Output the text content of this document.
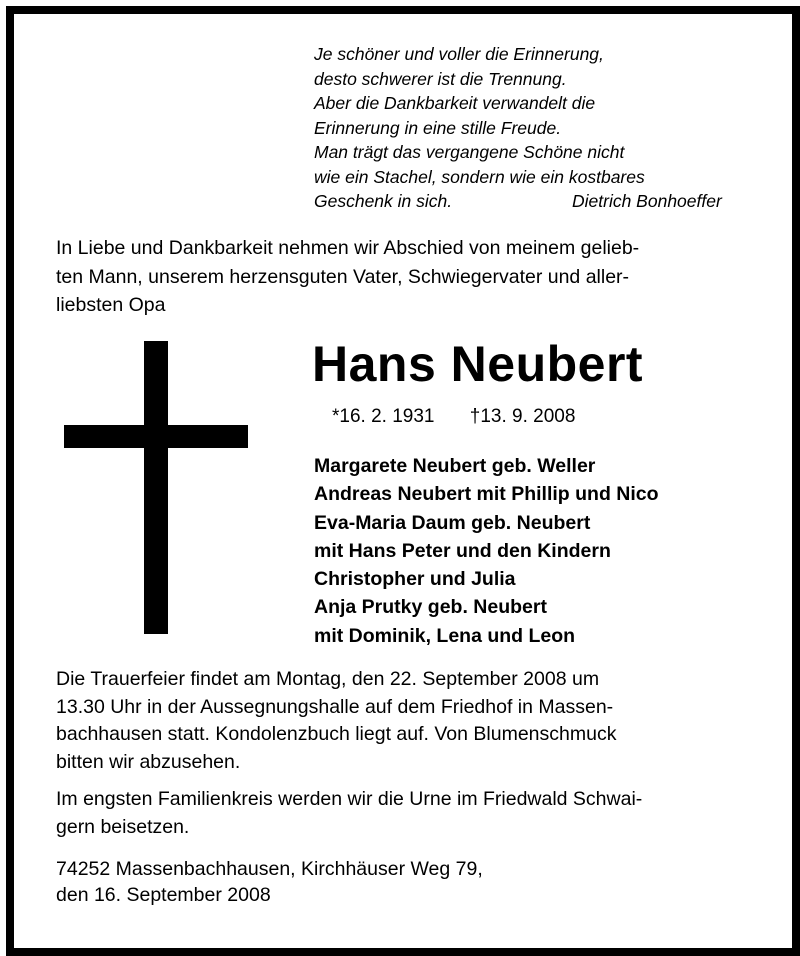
Je schöner und voller die Erinnerung,
desto schwerer ist die Trennung.
Aber die Dankbarkeit verwandelt die
Erinnerung in eine stille Freude.
Man trägt das vergangene Schöne nicht
wie ein Stachel, sondern wie ein kostbares
Geschenk in sich.	Dietrich Bonhoeffer
In Liebe und Dankbarkeit nehmen wir Abschied von meinem gelieb-
ten Mann, unserem herzensguten Vater, Schwiegervater und aller-
liebsten Opa
Hans Neubert
*16. 2. 1931 †13. 9. 2008
Margarete Neubert geb. Weller
Andreas Neubert mit Phillip und Nico
Eva-Maria Daum geb. Neubert
mit Hans Peter und den Kindern
Christopher und Julia
Anja Prutky geb. Neubert
mit Dominik, Lena und Leon
Die Trauerfeier findet am Montag, den 22. September 2008 um
13.30 Uhr in der Aussegnungshalle auf dem Friedhof in Massen-
bachhausen statt. Kondolenzbuch liegt auf. Von Blumenschmuck
bitten wir abzusehen.
Im engsten Familienkreis werden wir die Urne im Friedwald Schwai-
gern beisetzen.
74252 Massenbachhausen, Kirchhäuser Weg 79,
den 16. September 2008
